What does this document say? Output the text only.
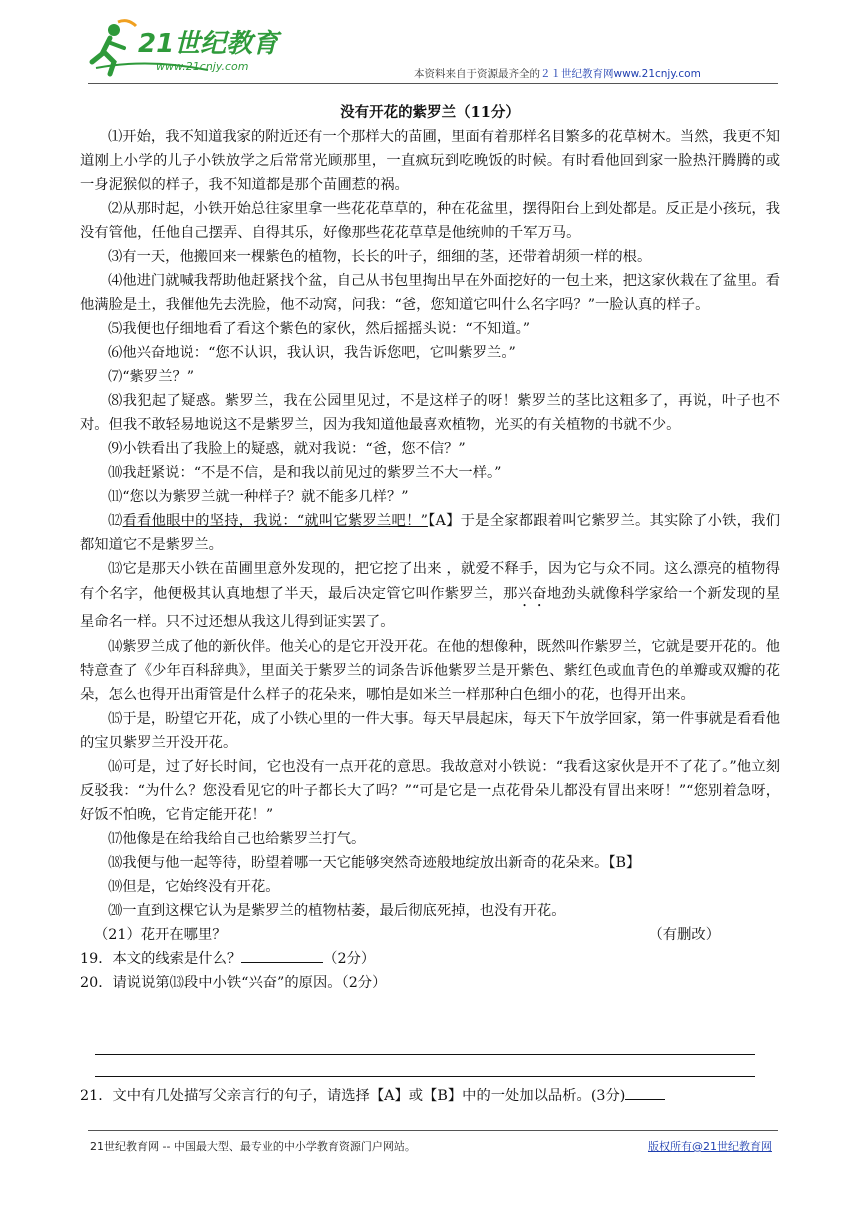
21世纪教育
www.21cnjy.com
本资料来自于资源最齐全的２１世纪教育网www.21cnjy.com
没有开花的紫罗兰（11分）

⑴开始，我不知道我家的附近还有一个那样大的苗圃，里面有着那样名目繁多的花草树木。当然，我更不知道刚上小学的儿子小铁放学之后常常光顾那里，一直疯玩到吃晚饭的时候。有时看他回到家一脸热汗腾腾的或一身泥猴似的样子，我不知道都是那个苗圃惹的祸。

⑵从那时起，小铁开始总往家里拿一些花花草草的，种在花盆里，摆得阳台上到处都是。反正是小孩玩，我没有管他，任他自己摆弄、自得其乐，好像那些花花草草是他统帅的千军万马。

⑶有一天，他搬回来一棵紫色的植物，长长的叶子，细细的茎，还带着胡须一样的根。

⑷他进门就喊我帮助他赶紧找个盆，自己从书包里掏出早在外面挖好的一包土来，把这家伙栽在了盆里。看他满脸是土，我催他先去洗脸，他不动窝，问我：“爸，您知道它叫什么名字吗？”一脸认真的样子。

⑸我便也仔细地看了看这个紫色的家伙，然后摇摇头说：“不知道。”

⑹他兴奋地说：“您不认识，我认识，我告诉您吧，它叫紫罗兰。”

⑺“紫罗兰？”

⑻我犯起了疑惑。紫罗兰，我在公园里见过，不是这样子的呀！紫罗兰的茎比这粗多了，再说，叶子也不对。但我不敢轻易地说这不是紫罗兰，因为我知道他最喜欢植物，光买的有关植物的书就不少。

⑼小铁看出了我脸上的疑惑，就对我说：“爸，您不信？”

⑽我赶紧说：“不是不信，是和我以前见过的紫罗兰不大一样。”

⑾“您以为紫罗兰就一种样子？就不能多几样？”

⑿看看他眼中的坚持，我说：“就叫它紫罗兰吧！”【A】于是全家都跟着叫它紫罗兰。其实除了小铁，我们都知道它不是紫罗兰。

⒀它是那天小铁在苗圃里意外发现的，把它挖了出来 ，就爱不释手，因为它与众不同。这么漂亮的植物得有个名字，他便极其认真地想了半天，最后决定管它叫作紫罗兰，那兴奋地劲头就像科学家给一个新发现的星星命名一样。只不过还想从我这儿得到证实罢了。

⒁紫罗兰成了他的新伙伴。他关心的是它开没开花。在他的想像种，既然叫作紫罗兰，它就是要开花的。他特意查了《少年百科辞典》，里面关于紫罗兰的词条告诉他紫罗兰是开紫色、紫红色或血青色的单瓣或双瓣的花朵，怎么也得开出甭管是什么样子的花朵来，哪怕是如米兰一样那种白色细小的花，也得开出来。

⒂于是，盼望它开花，成了小铁心里的一件大事。每天早晨起床，每天下午放学回家，第一件事就是看看他的宝贝紫罗兰开没开花。

⒃可是，过了好长时间，它也没有一点开花的意思。我故意对小铁说：“我看这家伙是开不了花了。”他立刻反驳我：“为什么？您没看见它的叶子都长大了吗？”“可是它是一点花骨朵儿都没有冒出来呀！”“您别着急呀，好饭不怕晚，它肯定能开花！”

⒄他像是在给我给自己也给紫罗兰打气。

⒅我便与他一起等待，盼望着哪一天它能够突然奇迹般地绽放出新奇的花朵来。【B】

⒆但是，它始终没有开花。

⒇一直到这棵它认为是紫罗兰的植物枯萎，最后彻底死掉，也没有开花。

（21）花开在哪里？	（有删改）

19．本文的线索是什么？	（2分）

20．请说说第⒀段中小铁“兴奋”的原因。（2分）

21．文中有几处描写父亲言行的句子，请选择【A】或【B】中的一处加以品析。(3分)
21世纪教育网 -- 中国最大型、最专业的中小学教育资源门户网站。	版权所有@21世纪教育网
